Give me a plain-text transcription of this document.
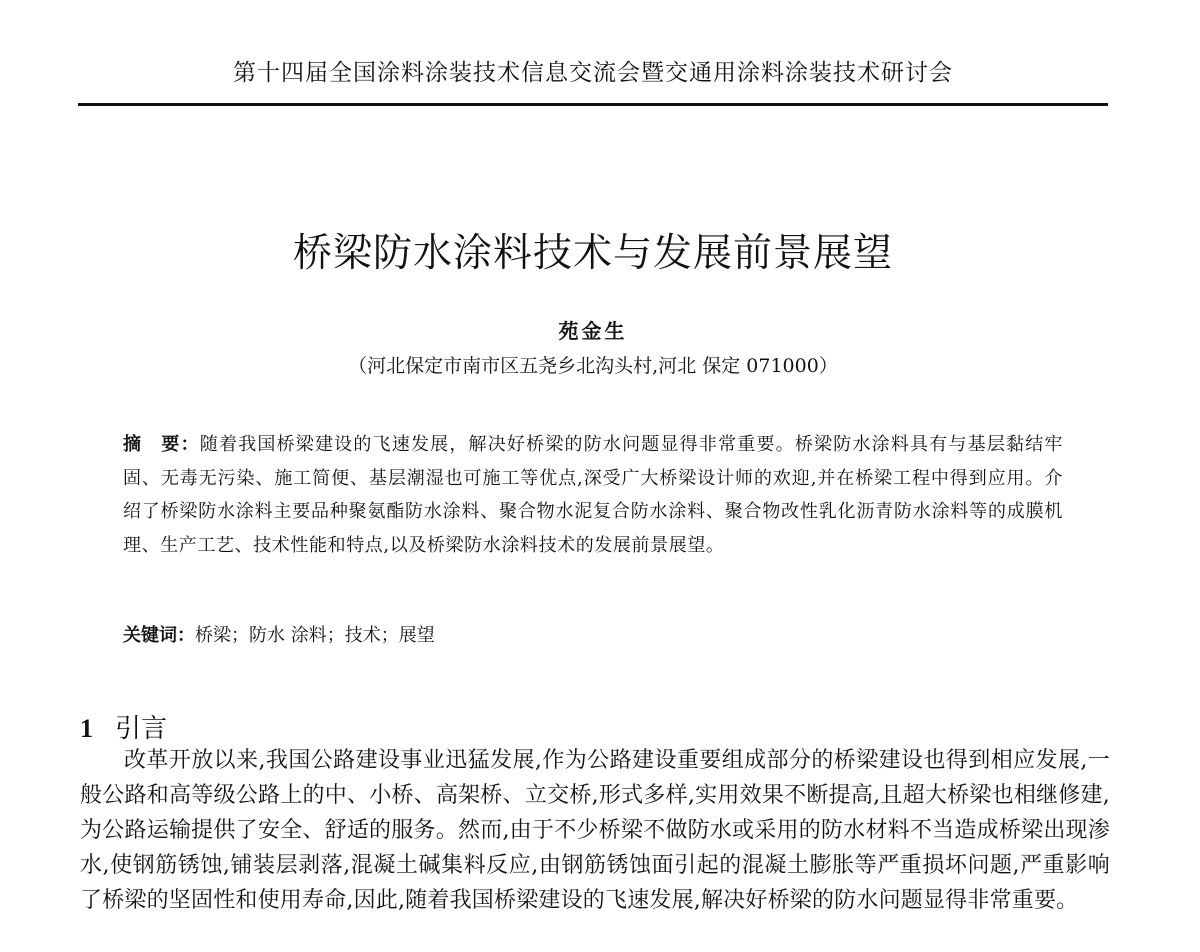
第十四届全国涂料涂装技术信息交流会暨交通用涂料涂装技术研讨会
桥梁防水涂料技术与发展前景展望
苑金生
（河北保定市南市区五尧乡北沟头村,河北 保定 071000）
摘　要：随着我国桥梁建设的飞速发展，解决好桥梁的防水问题显得非常重要。桥梁防水涂料具有与基层黏结牢固、无毒无污染、施工简便、基层潮湿也可施工等优点,深受广大桥梁设计师的欢迎,并在桥梁工程中得到应用。介绍了桥梁防水涂料主要品种聚氨酯防水涂料、聚合物水泥复合防水涂料、聚合物改性乳化沥青防水涂料等的成膜机理、生产工艺、技术性能和特点,以及桥梁防水涂料技术的发展前景展望。
关键词：桥梁；防水 涂料；技术；展望
1 引言
改革开放以来,我国公路建设事业迅猛发展,作为公路建设重要组成部分的桥梁建设也得到相应发展,一般公路和高等级公路上的中、小桥、高架桥、立交桥,形式多样,实用效果不断提高,且超大桥梁也相继修建,为公路运输提供了安全、舒适的服务。然而,由于不少桥梁不做防水或采用的防水材料不当造成桥梁出现渗水,使钢筋锈蚀,铺装层剥落,混凝土碱集料反应,由钢筋锈蚀面引起的混凝土膨胀等严重损坏问题,严重影响了桥梁的坚固性和使用寿命,因此,随着我国桥梁建设的飞速发展,解决好桥梁的防水问题显得非常重要。
